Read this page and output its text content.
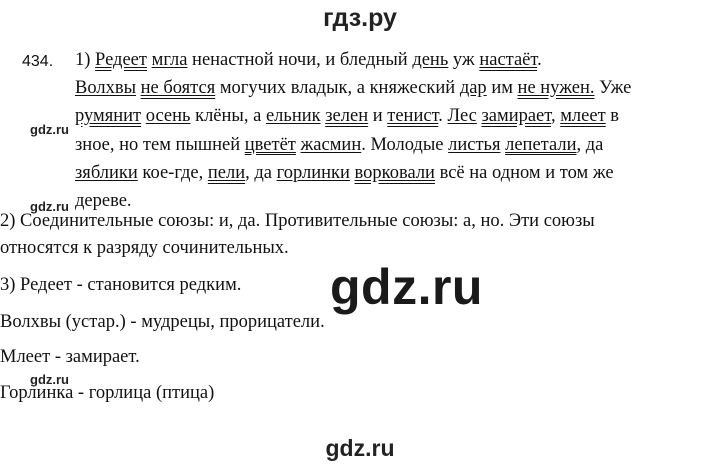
гдз.ру
gdz.ru
gdz.ru
gdz.ru
434. 1) Редеет мгла ненастной ночи, и бледный день уж настаёт.
Волхвы не боятся могучих владык, а княжеский дар им не нужен. Уже
румянит осень клёны, а ельник зелен и тенист. Лес замирает, млеет в
зное, но тем пышней цветёт жасмин. Молодые листья лепетали, да
зяблики кое-где, пели, да горлинки ворковали всё на одном и том же
дереве.
2) Соединительные союзы: и, да. Противительные союзы: а, но. Эти союзы
относятся к разряду сочинительных.
3) Редеет - становится редким.
Волхвы (устар.) - мудрецы, прорицатели.
Млеет - замирает.
Горлинка - горлица (птица)
gdz.ru
gdz.ru
